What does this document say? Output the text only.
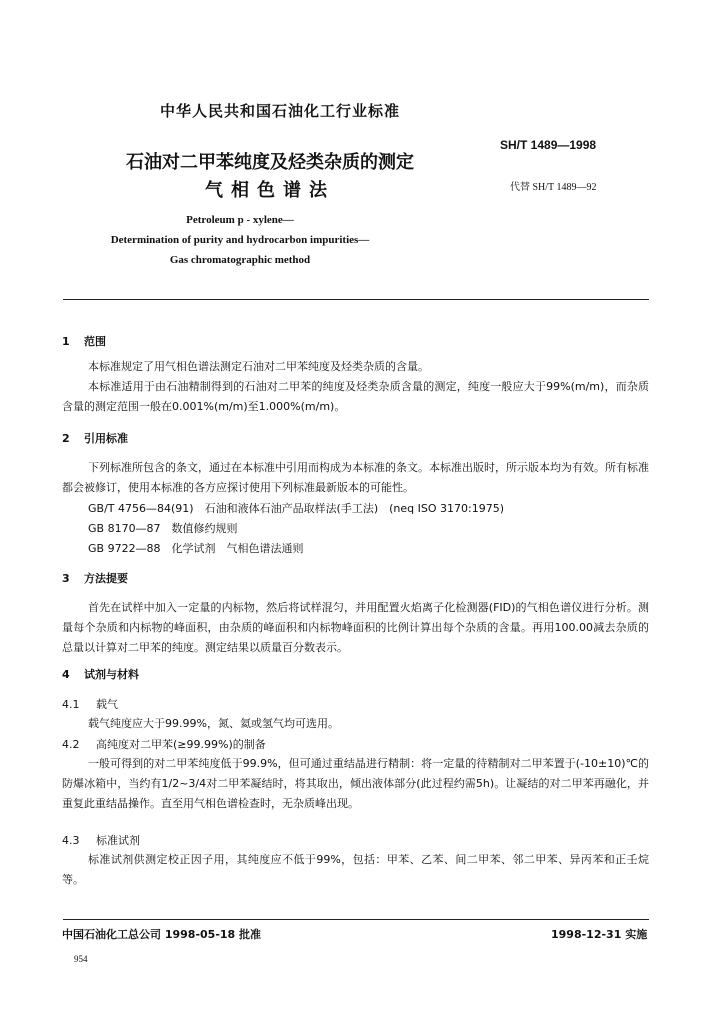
中华人民共和国石油化工行业标准
SH/T 1489—1998
石油对二甲苯纯度及烃类杂质的测定
代替 SH/T 1489—92
气相色谱法
Petroleum p - xylene—
Determination of purity and hydrocarbon impurities—
Gas chromatographic method
1 范围
本标准规定了用气相色谱法测定石油对二甲苯纯度及烃类杂质的含量。
本标准适用于由石油精制得到的石油对二甲苯的纯度及烃类杂质含量的测定，纯度一般应大于99%(m/m)，而杂质含量的测定范围一般在0.001%(m/m)至1.000%(m/m)。
2 引用标准
下列标准所包含的条文，通过在本标准中引用而构成为本标准的条文。本标准出版时，所示版本均为有效。所有标准都会被修订，使用本标准的各方应探讨使用下列标准最新版本的可能性。
GB/T 4756—84(91)　石油和液体石油产品取样法(手工法)　(neq ISO 3170:1975)
GB 8170—87　数值修约规则
GB 9722—88　化学试剂　气相色谱法通则
3 方法提要
首先在试样中加入一定量的内标物，然后将试样混匀，并用配置火焰离子化检测器(FID)的气相色谱仪进行分析。测量每个杂质和内标物的峰面积，由杂质的峰面积和内标物峰面积的比例计算出每个杂质的含量。再用100.00减去杂质的总量以计算对二甲苯的纯度。测定结果以质量百分数表示。
4 试剂与材料
4.1 载气
载气纯度应大于99.99%，氮、氦或氢气均可选用。
4.2 高纯度对二甲苯(≥99.99%)的制备
一般可得到的对二甲苯纯度低于99.9%，但可通过重结晶进行精制：将一定量的待精制对二甲苯置于(-10±10)℃的防爆冰箱中，当约有1/2~3/4对二甲苯凝结时，将其取出，倾出液体部分(此过程约需5h)。让凝结的对二甲苯再融化，并重复此重结晶操作。直至用气相色谱检查时，无杂质峰出现。
4.3 标准试剂
标准试剂供测定校正因子用，其纯度应不低于99%，包括：甲苯、乙苯、间二甲苯、邻二甲苯、异丙苯和正壬烷等。
中国石油化工总公司 1998-05-18 批准	1998-12-31 实施
954
